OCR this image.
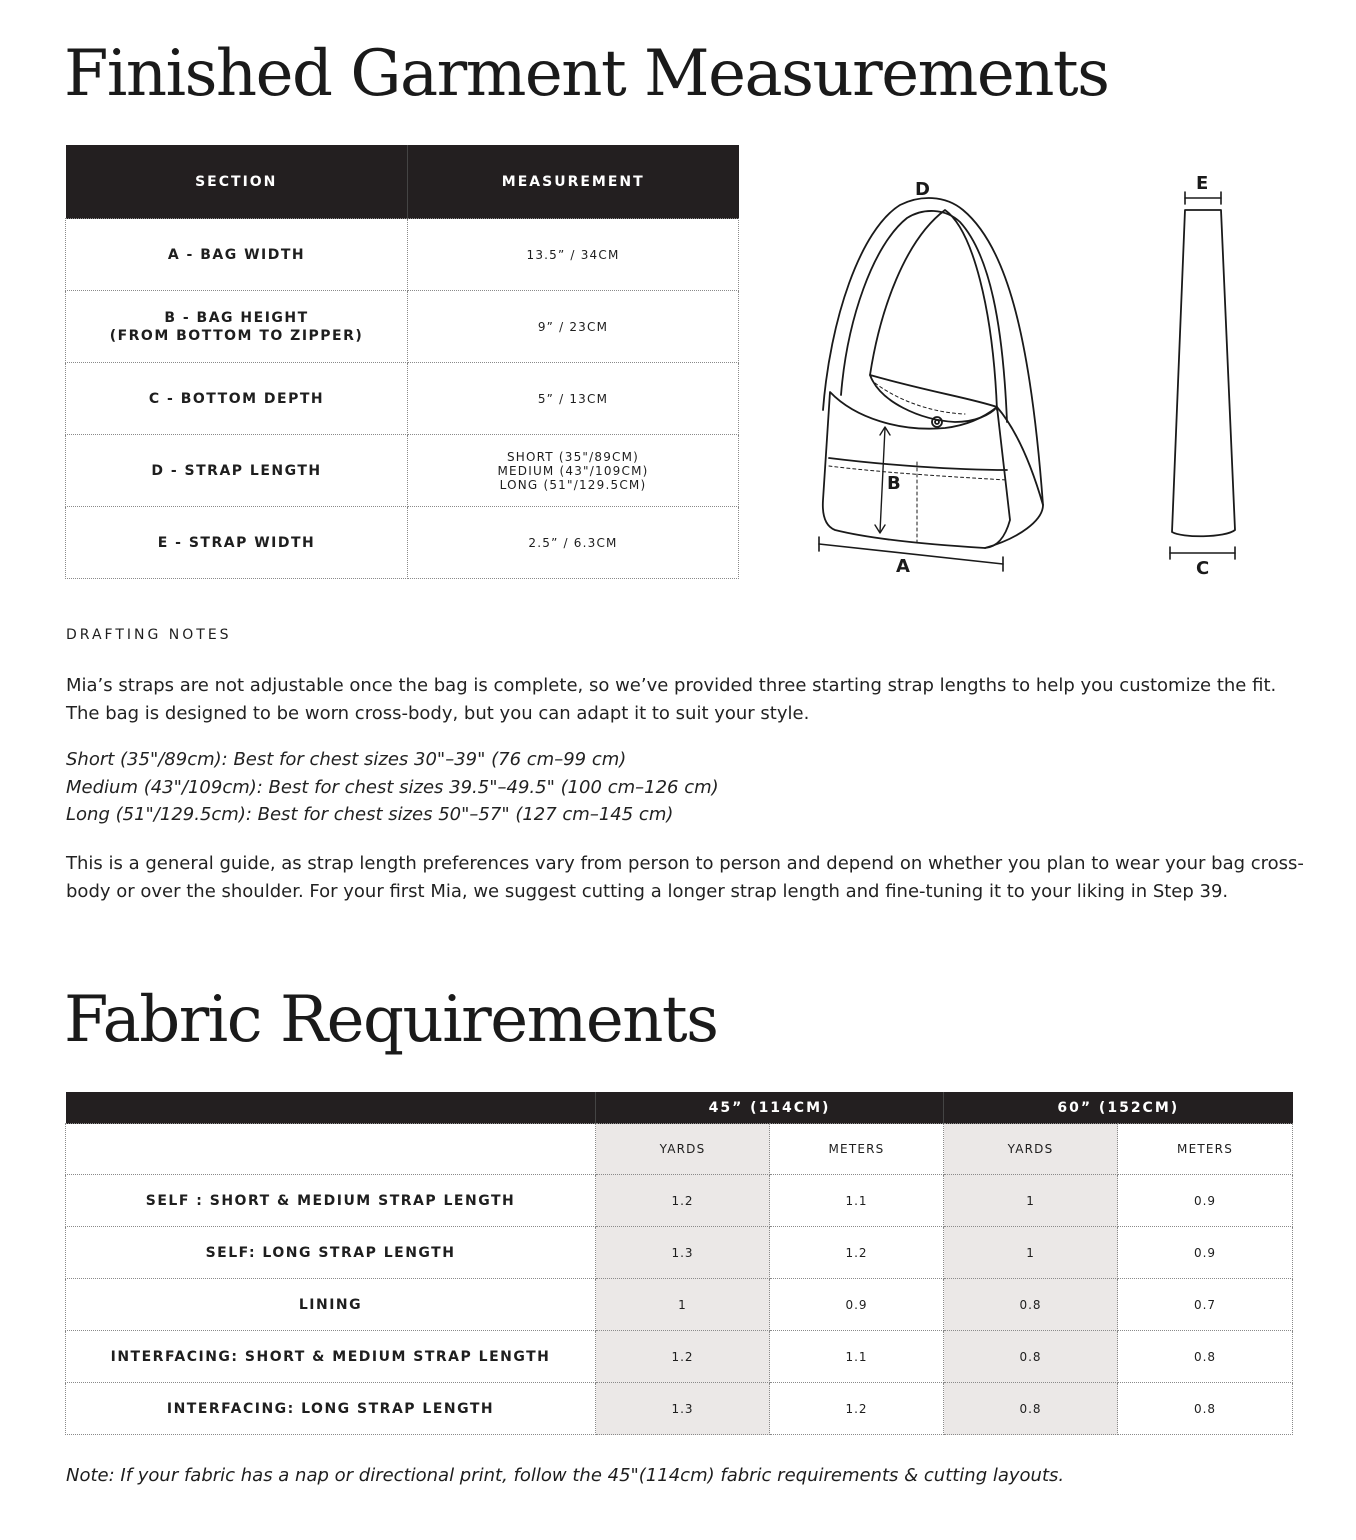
Finished Garment Measurements
SECTION	MEASUREMENT
A - BAG WIDTH	13.5” / 34CM
B - BAG HEIGHT
(FROM BOTTOM TO ZIPPER)	9” / 23CM
C - BOTTOM DEPTH	5” / 13CM
D - STRAP LENGTH	SHORT (35"/89CM)
MEDIUM (43"/109CM)
LONG (51"/129.5CM)
E - STRAP WIDTH	2.5” / 6.3CM
D
B
A
E
C
DRAFTING NOTES

Mia’s straps are not adjustable once the bag is complete, so we’ve provided three starting strap lengths to help you customize the fit. The bag is designed to be worn cross-body, but you can adapt it to suit your style.

Short (35"/89cm): Best for chest sizes 30"–39" (76 cm–99 cm)
Medium (43"/109cm): Best for chest sizes 39.5"–49.5" (100 cm–126 cm)
Long (51"/129.5cm): Best for chest sizes 50"–57" (127 cm–145 cm)

This is a general guide, as strap length preferences vary from person to person and depend on whether you plan to wear your bag cross-body or over the shoulder. For your first Mia, we suggest cutting a longer strap length and fine-tuning it to your liking in Step 39.

Fabric Requirements
	45” (114CM)		60” (152CM)	
	YARDS	METERS	YARDS	METERS
SELF : SHORT & MEDIUM STRAP LENGTH	1.2	1.1	1	0.9
SELF: LONG STRAP LENGTH	1.3	1.2	1	0.9
LINING	1	0.9	0.8	0.7
INTERFACING: SHORT & MEDIUM STRAP LENGTH	1.2	1.1	0.8	0.8
INTERFACING: LONG STRAP LENGTH	1.3	1.2	0.8	0.8

Note: If your fabric has a nap or directional print, follow the 45"(114cm) fabric requirements & cutting layouts.
